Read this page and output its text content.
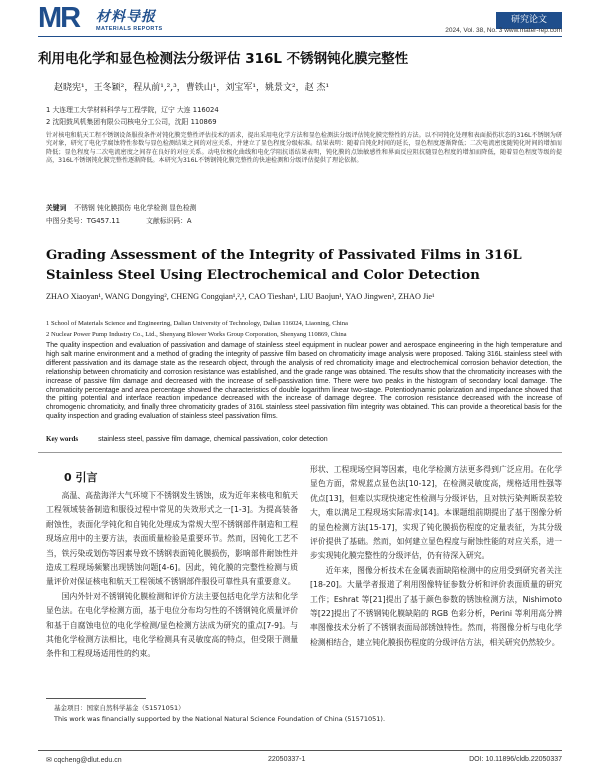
MR	材料导报
MATERIALS REPORTS
研究论文
2024, Vol. 38, No. 3 www.mater-rep.com
利用电化学和显色检测法分级评估 316L 不锈钢钝化膜完整性
赵晓宪¹，王冬颖²，程从前¹,²,³，曹铁山¹，刘宝军¹，姚景文²，赵 杰¹
1 大连理工大学材料科学与工程学院，辽宁 大连 116024
2 沈阳鼓风机集团有限公司核电分工公司，沈阳 110869
针对核电和航天工程不锈钢设备服役条件对钝化膜完整性评估技术的需求，提出采用电化学方法和显色检测法分级评估钝化膜完整性的方法。以不同钝化处理和表面损伤状态的316L不锈钢为研究对象，研究了电化学腐蚀特性参数与显色检测结果之间的对应关系，并建立了显色程度分级标准。结果表明：随着自钝化时间的延长，显色程度逐渐降低；二次电流密度随钝化时间的增加而降低；显色程度与二次电流密度之间存在良好的对应关系。动电位极化曲线和电化学阻抗谱结果表明，钝化膜的点蚀敏感性和界面反应阻抗随显色程度的增加而降低，随着显色程度等级的提高，316L不锈钢钝化膜完整性逐渐降低。本研究为316L不锈钢钝化膜完整性的快速检测和分级评估提供了理论依据。
关键词 不锈钢 钝化膜损伤 电化学检测 显色检测
中图分类号：TG457.11	文献标识码：A
Grading Assessment of the Integrity of Passivated Films in 316L Stainless Steel Using Electrochemical and Color Detection
ZHAO Xiaoyan¹, WANG Dongying², CHENG Congqian¹,²,³, CAO Tieshan¹, LIU Baojun¹, YAO Jingwen², ZHAO Jie¹
1 School of Materials Science and Engineering, Dalian University of Technology, Dalian 116024, Liaoning, China
2 Nuclear Power Pump Industry Co., Ltd., Shenyang Blower Works Group Corporation, Shenyang 110869, China
The quality inspection and evaluation of passivation and damage of stainless steel equipment in nuclear power and aerospace engineering in the high temperature and high salt marine environment and a method of grading the integrity of passive film based on chromaticity image analysis were proposed. Taking 316L stainless steel with different passivation and its damage state as the research object, through the analysis of red chromaticity image and electrochemical corrosion behavior detection, the relationship between chromaticity and corrosion resistance was established, and the grade range was obtained. The results show that the chromaticity increases with the increase of passive film damage and decreased with the increase of self-passivation time. There were two peaks in the histogram of secondary local damage. The chromaticity percentage and area percentage showed the characteristics of double logarithm linear two-stage. Potentiodynamic polarization and impedance showed that the pitting potential and interface reaction impedance decreased with the increase of damage degree. The corrosion resistance decreased with the increase of chromogenic chromaticity, and finally three chromaticity grades of 316L stainless steel passivation film integrity was obtained. This can provide a theoretical basis for the quality inspection and grading evaluation of stainless steel passivation films.
Key words	stainless steel, passive film damage, chemical passivation, color detection
0 引言

高温、高盐海洋大气环境下不锈钢发生锈蚀，成为近年来核电和航天工程领域装备制造和服役过程中常见的失效形式之一[1-3]。为提高装备耐蚀性，表面化学钝化和自钝化处理成为常规大型不锈钢部件制造和工程现场应用中的主要方法，表面质量检验是重要环节。然而，因钝化工艺不当，铁污染或划伤等因素导致不锈钢表面钝化膜损伤，影响部件耐蚀性并造成工程现场频繁出现锈蚀问题[4-6]。因此，钝化膜的完整性检测与质量评价对保证核电和航天工程领域不锈钢部件服役可靠性具有重要意义。

国内外针对不锈钢钝化膜检测和评价方法主要包括电化学方法和化学显色法。在电化学检测方面，基于电位分布均匀性的不锈钢钝化质量评价和基于自腐蚀电位的电化学检测/显色检测方法成为研究的重点[7-9]。与其他化学检测方法相比，电化学检测具有灵敏度高的特点，但受限于测量条件和工程现场适用性的约束。

形状、工程现场空间等因素，电化学检测方法更多得到广泛应用。在化学显色方面，常规蓝点显色法[10-12]，在检测灵敏度高，规格适用性强等优点[13]，但难以实现快速定性检测与分级评估，且对铁污染判断误差较大，难以满足工程现场实际需求[14]。本课题组前期提出了基于图像分析的显色检测方法[15-17]，实现了钝化膜损伤程度的定量表征，为其分级评价提供了基础。然而，如何建立显色程度与耐蚀性能的对应关系，进一步实现钝化膜完整性的分级评估，仍有待深入研究。

近年来，图像分析技术在金属表面缺陷检测中的应用受到研究者关注[18-20]。大量学者报道了利用图像特征参数分析和评价表面质量的研究工作；Eshrat 等[21]提出了基于颜色参数的锈蚀检测方法，Nishimoto 等[22]提出了不锈钢钝化膜缺陷的 RGB 色彩分析，Perini 等利用高分辨率图像技术分析了不锈钢表面局部锈蚀特性。然而，将图像分析与电化学检测相结合，建立钝化膜损伤程度的分级评估方法，相关研究仍然较少。

基金项目：国家自然科学基金（51571051）
This work was financially supported by the National Natural Science Foundation of China (51571051).
✉ cqcheng@dlut.edu.cn	22050337-1	DOI: 10.11896/cldb.22050337
